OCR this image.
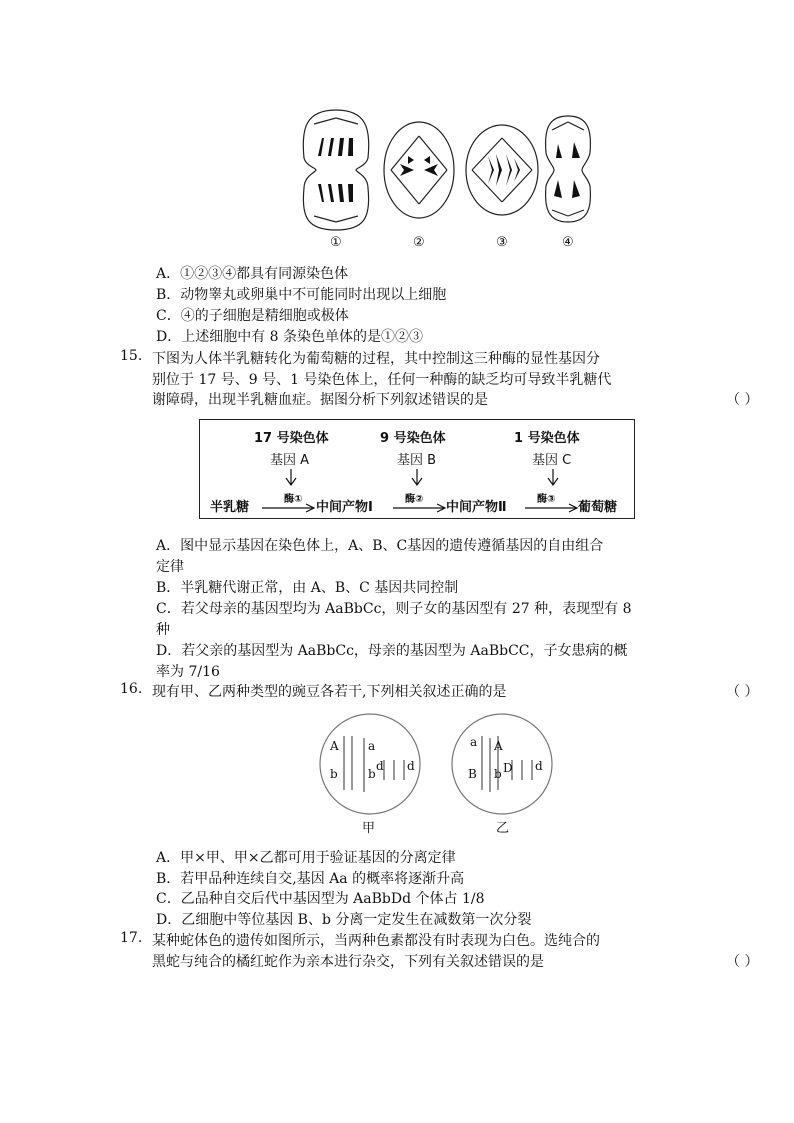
①	②	③	④
A．①②③④都具有同源染色体
B．动物睾丸或卵巢中不可能同时出现以上细胞
C．④的子细胞是精细胞或极体
D．上述细胞中有 8 条染色单体的是①②③
15. 下图为人体半乳糖转化为葡萄糖的过程，其中控制这三种酶的显性基因分
别位于 17 号、9 号、1 号染色体上，任何一种酶的缺乏均可导致半乳糖代
谢障碍，出现半乳糖血症。据图分析下列叙述错误的是	（ ）
17 号染色体	9 号染色体	1 号染色体
基因 A	基因 B	基因 C
半乳糖	中间产物Ⅰ	中间产物Ⅱ	葡萄糖
酶①	酶②	酶③
A．图中显示基因在染色体上，A、B、C基因的遗传遵循基因的自由组合
定律
B．半乳糖代谢正常，由 A、B、C 基因共同控制
C．若父母亲的基因型均为 AaBbCc，则子女的基因型有 27 种，表现型有 8
种
D．若父亲的基因型为 AaBbCc，母亲的基因型为 AaBbCC，子女患病的概
率为 7/16
16. 现有甲、乙两种类型的豌豆各若干,下列相关叙述正确的是	（ ）
A a
b	b
d d
a A
B b D d
甲	乙
A．甲×甲、甲×乙都可用于验证基因的分离定律
B．若甲品种连续自交,基因 Aa 的概率将逐渐升高
C．乙品种自交后代中基因型为 AaBbDd 个体占 1/8
D．乙细胞中等位基因 B、b 分离一定发生在减数第一次分裂
17. 某种蛇体色的遗传如图所示，当两种色素都没有时表现为白色。选纯合的
黑蛇与纯合的橘红蛇作为亲本进行杂交，下列有关叙述错误的是	（ ）
